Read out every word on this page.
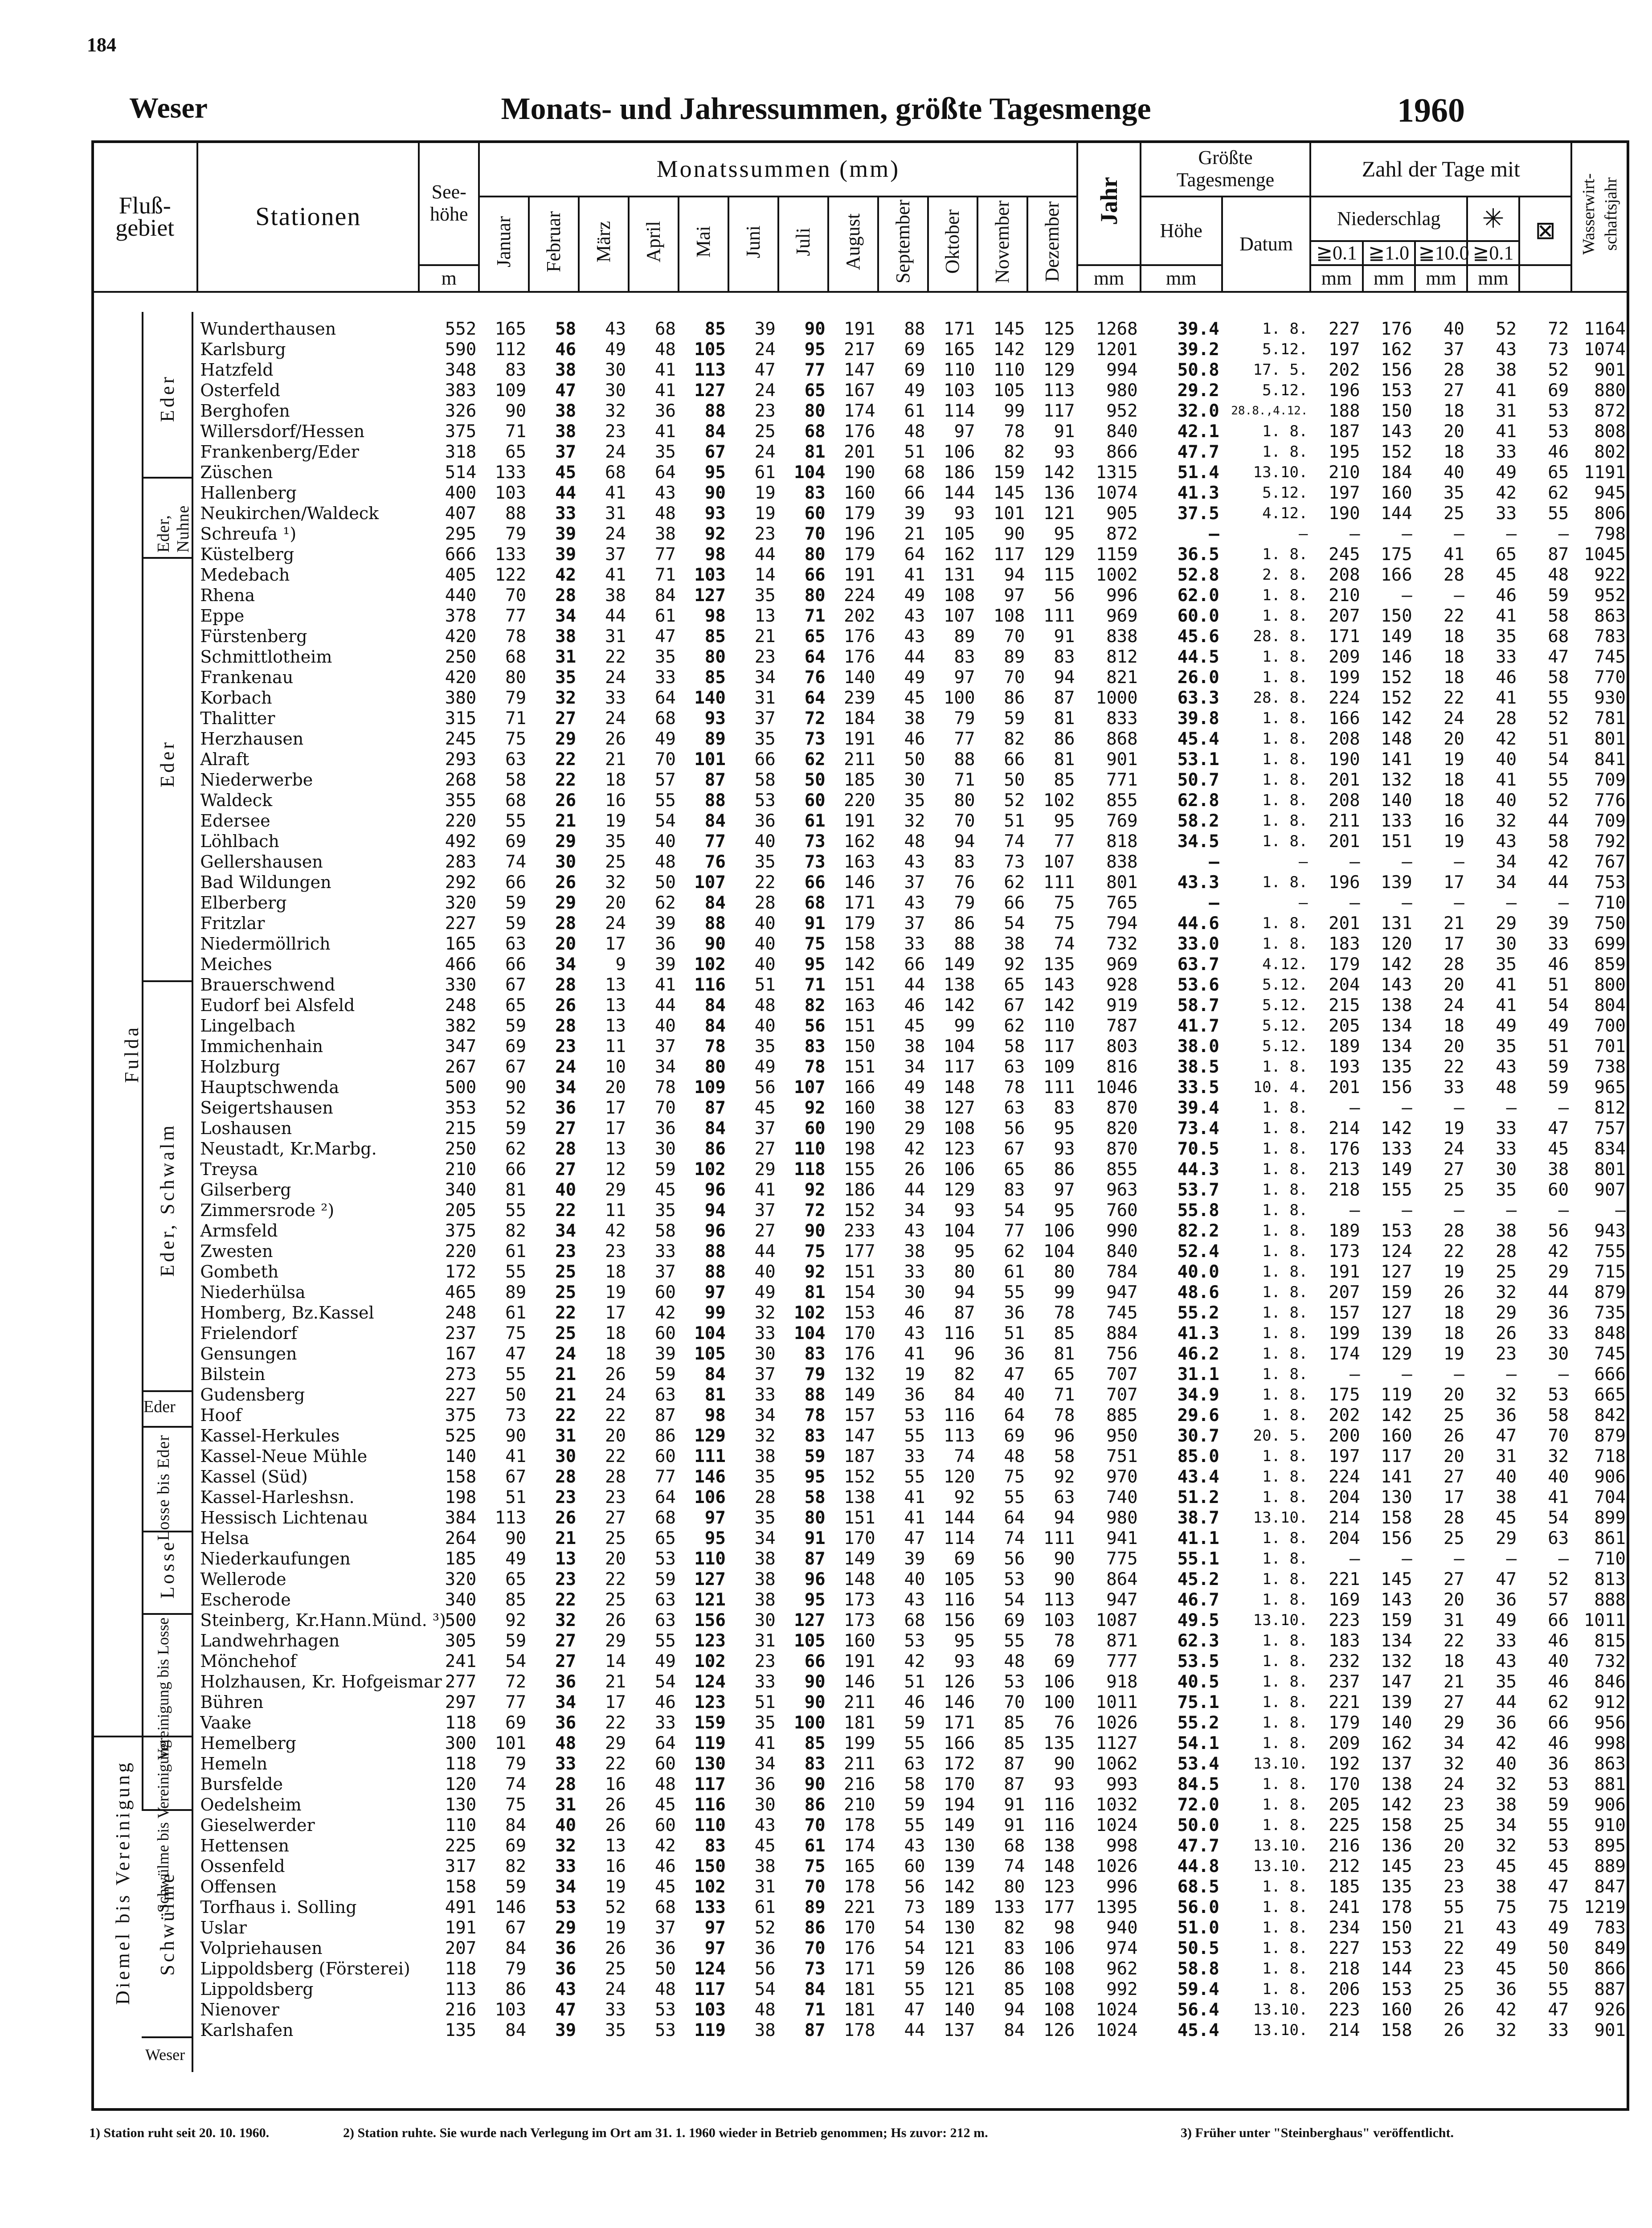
184
Weser	Monats- und Jahressummen, größte Tagesmenge	1960
Fluß-
gebiet	Stationen	See-
höhe	Monatssummen (mm)												Jahr	Größte
Tagesmenge		Zahl der Tage mit					Wasserwirt-
schaftsjahr
			Januar	Februar	März	April	Mai	Juni	Juli	August	September	Oktober	November	Dezember		Höhe	Datum	Niederschlag			✳	⊠	
																		≧0.1	≧1.0	≧10.0	≧0.1		
		m													mm	mm		mm	mm	mm	mm		

	Wunderthausen	552	165	58	43	68	85	39	90	191	88	171	145	125	1268	39.4	1. 8.	227	176	40	52	72	1164
	Karlsburg	590	112	46	49	48	105	24	95	217	69	165	142	129	1201	39.2	5.12.	197	162	37	43	73	1074
	Hatzfeld	348	83	38	30	41	113	47	77	147	69	110	110	129	994	50.8	17. 5.	202	156	28	38	52	901
	Osterfeld	383	109	47	30	41	127	24	65	167	49	103	105	113	980	29.2	5.12.	196	153	27	41	69	880
	Berghofen	326	90	38	32	36	88	23	80	174	61	114	99	117	952	32.0	28.8.,4.12.	188	150	18	31	53	872
	Willersdorf/Hessen	375	71	38	23	41	84	25	68	176	48	97	78	91	840	42.1	1. 8.	187	143	20	41	53	808
	Frankenberg/Eder	318	65	37	24	35	67	24	81	201	51	106	82	93	866	47.7	1. 8.	195	152	18	33	46	802
	Züschen	514	133	45	68	64	95	61	104	190	68	186	159	142	1315	51.4	13.10.	210	184	40	49	65	1191
	Hallenberg	400	103	44	41	43	90	19	83	160	66	144	145	136	1074	41.3	5.12.	197	160	35	42	62	945
	Neukirchen/Waldeck	407	88	33	31	48	93	19	60	179	39	93	101	121	905	37.5	4.12.	190	144	25	33	55	806
	Schreufa ¹)	295	79	39	24	38	92	23	70	196	21	105	90	95	872	—	—	—	—	—	—	—	798
	Küstelberg	666	133	39	37	77	98	44	80	179	64	162	117	129	1159	36.5	1. 8.	245	175	41	65	87	1045
	Medebach	405	122	42	41	71	103	14	66	191	41	131	94	115	1002	52.8	2. 8.	208	166	28	45	48	922
	Rhena	440	70	28	38	84	127	35	80	224	49	108	97	56	996	62.0	1. 8.	210	—	—	46	59	952
	Eppe	378	77	34	44	61	98	13	71	202	43	107	108	111	969	60.0	1. 8.	207	150	22	41	58	863
	Fürstenberg	420	78	38	31	47	85	21	65	176	43	89	70	91	838	45.6	28. 8.	171	149	18	35	68	783
	Schmittlotheim	250	68	31	22	35	80	23	64	176	44	83	89	83	812	44.5	1. 8.	209	146	18	33	47	745
	Frankenau	420	80	35	24	33	85	34	76	140	49	97	70	94	821	26.0	1. 8.	199	152	18	46	58	770
	Korbach	380	79	32	33	64	140	31	64	239	45	100	86	87	1000	63.3	28. 8.	224	152	22	41	55	930
	Thalitter	315	71	27	24	68	93	37	72	184	38	79	59	81	833	39.8	1. 8.	166	142	24	28	52	781
	Herzhausen	245	75	29	26	49	89	35	73	191	46	77	82	86	868	45.4	1. 8.	208	148	20	42	51	801
	Alraft	293	63	22	21	70	101	66	62	211	50	88	66	81	901	53.1	1. 8.	190	141	19	40	54	841
	Niederwerbe	268	58	22	18	57	87	58	50	185	30	71	50	85	771	50.7	1. 8.	201	132	18	41	55	709
	Waldeck	355	68	26	16	55	88	53	60	220	35	80	52	102	855	62.8	1. 8.	208	140	18	40	52	776
	Edersee	220	55	21	19	54	84	36	61	191	32	70	51	95	769	58.2	1. 8.	211	133	16	32	44	709
	Löhlbach	492	69	29	35	40	77	40	73	162	48	94	74	77	818	34.5	1. 8.	201	151	19	43	58	792
	Gellershausen	283	74	30	25	48	76	35	73	163	43	83	73	107	838	—	—	—	—	—	34	42	767
	Bad Wildungen	292	66	26	32	50	107	22	66	146	37	76	62	111	801	43.3	1. 8.	196	139	17	34	44	753
	Elberberg	320	59	29	20	62	84	28	68	171	43	79	66	75	765	—	—	—	—	—	—	—	710
	Fritzlar	227	59	28	24	39	88	40	91	179	37	86	54	75	794	44.6	1. 8.	201	131	21	29	39	750
	Niedermöllrich	165	63	20	17	36	90	40	75	158	33	88	38	74	732	33.0	1. 8.	183	120	17	30	33	699
	Meiches	466	66	34	9	39	102	40	95	142	66	149	92	135	969	63.7	4.12.	179	142	28	35	46	859
	Brauerschwend	330	67	28	13	41	116	51	71	151	44	138	65	143	928	53.6	5.12.	204	143	20	41	51	800
	Eudorf bei Alsfeld	248	65	26	13	44	84	48	82	163	46	142	67	142	919	58.7	5.12.	215	138	24	41	54	804
	Lingelbach	382	59	28	13	40	84	40	56	151	45	99	62	110	787	41.7	5.12.	205	134	18	49	49	700
	Immichenhain	347	69	23	11	37	78	35	83	150	38	104	58	117	803	38.0	5.12.	189	134	20	35	51	701
	Holzburg	267	67	24	10	34	80	49	78	151	34	117	63	109	816	38.5	1. 8.	193	135	22	43	59	738
	Hauptschwenda	500	90	34	20	78	109	56	107	166	49	148	78	111	1046	33.5	10. 4.	201	156	33	48	59	965
	Seigertshausen	353	52	36	17	70	87	45	92	160	38	127	63	83	870	39.4	1. 8.	—	—	—	—	—	812
	Loshausen	215	59	27	17	36	84	37	60	190	29	108	56	95	820	73.4	1. 8.	214	142	19	33	47	757
	Neustadt, Kr.Marbg.	250	62	28	13	30	86	27	110	198	42	123	67	93	870	70.5	1. 8.	176	133	24	33	45	834
	Treysa	210	66	27	12	59	102	29	118	155	26	106	65	86	855	44.3	1. 8.	213	149	27	30	38	801
	Gilserberg	340	81	40	29	45	96	41	92	186	44	129	83	97	963	53.7	1. 8.	218	155	25	35	60	907
	Zimmersrode ²)	205	55	22	11	35	94	37	72	152	34	93	54	95	760	55.8	1. 8.	—	—	—	—	—	—
	Armsfeld	375	82	34	42	58	96	27	90	233	43	104	77	106	990	82.2	1. 8.	189	153	28	38	56	943
	Zwesten	220	61	23	23	33	88	44	75	177	38	95	62	104	840	52.4	1. 8.	173	124	22	28	42	755
	Gombeth	172	55	25	18	37	88	40	92	151	33	80	61	80	784	40.0	1. 8.	191	127	19	25	29	715
	Niederhülsa	465	89	25	19	60	97	49	81	154	30	94	55	99	947	48.6	1. 8.	207	159	26	32	44	879
	Homberg, Bz.Kassel	248	61	22	17	42	99	32	102	153	46	87	36	78	745	55.2	1. 8.	157	127	18	29	36	735
	Frielendorf	237	75	25	18	60	104	33	104	170	43	116	51	85	884	41.3	1. 8.	199	139	18	26	33	848
	Gensungen	167	47	24	18	39	105	30	83	176	41	96	36	81	756	46.2	1. 8.	174	129	19	23	30	745
	Bilstein	273	55	21	26	59	84	37	79	132	19	82	47	65	707	31.1	1. 8.	—	—	—	—	—	666
	Gudensberg	227	50	21	24	63	81	33	88	149	36	84	40	71	707	34.9	1. 8.	175	119	20	32	53	665
	Hoof	375	73	22	22	87	98	34	78	157	53	116	64	78	885	29.6	1. 8.	202	142	25	36	58	842
	Kassel-Herkules	525	90	31	20	86	129	32	83	147	55	113	69	96	950	30.7	20. 5.	200	160	26	47	70	879
	Kassel-Neue Mühle	140	41	30	22	60	111	38	59	187	33	74	48	58	751	85.0	1. 8.	197	117	20	31	32	718
	Kassel (Süd)	158	67	28	28	77	146	35	95	152	55	120	75	92	970	43.4	1. 8.	224	141	27	40	40	906
	Kassel-Harleshsn.	198	51	23	23	64	106	28	58	138	41	92	55	63	740	51.2	1. 8.	204	130	17	38	41	704
	Hessisch Lichtenau	384	113	26	27	68	97	35	80	151	41	144	64	94	980	38.7	13.10.	214	158	28	45	54	899
	Helsa	264	90	21	25	65	95	34	91	170	47	114	74	111	941	41.1	1. 8.	204	156	25	29	63	861
	Niederkaufungen	185	49	13	20	53	110	38	87	149	39	69	56	90	775	55.1	1. 8.	—	—	—	—	—	710
	Wellerode	320	65	23	22	59	127	38	96	148	40	105	53	90	864	45.2	1. 8.	221	145	27	47	52	813
	Escherode	340	85	22	25	63	121	38	95	173	43	116	54	113	947	46.7	1. 8.	169	143	20	36	57	888
	Steinberg, Kr.Hann.Münd. ³)	500	92	32	26	63	156	30	127	173	68	156	69	103	1087	49.5	13.10.	223	159	31	49	66	1011
	Landwehrhagen	305	59	27	29	55	123	31	105	160	53	95	55	78	871	62.3	1. 8.	183	134	22	33	46	815
	Mönchehof	241	54	27	14	49	102	23	66	191	42	93	48	69	777	53.5	1. 8.	232	132	18	43	40	732
	Holzhausen, Kr. Hofgeismar	277	72	36	21	54	124	33	90	146	51	126	53	106	918	40.5	1. 8.	237	147	21	35	46	846
	Bühren	297	77	34	17	46	123	51	90	211	46	146	70	100	1011	75.1	1. 8.	221	139	27	44	62	912
	Vaake	118	69	36	22	33	159	35	100	181	59	171	85	76	1026	55.2	1. 8.	179	140	29	36	66	956
	Hemelberg	300	101	48	29	64	119	41	85	199	55	166	85	135	1127	54.1	1. 8.	209	162	34	42	46	998
	Hemeln	118	79	33	22	60	130	34	83	211	63	172	87	90	1062	53.4	13.10.	192	137	32	40	36	863
	Bursfelde	120	74	28	16	48	117	36	90	216	58	170	87	93	993	84.5	1. 8.	170	138	24	32	53	881
	Oedelsheim	130	75	31	26	45	116	30	86	210	59	194	91	116	1032	72.0	1. 8.	205	142	23	38	59	906
	Gieselwerder	110	84	40	26	60	110	43	70	178	55	149	91	116	1024	50.0	1. 8.	225	158	25	34	55	910
	Hettensen	225	69	32	13	42	83	45	61	174	43	130	68	138	998	47.7	13.10.	216	136	20	32	53	895
	Ossenfeld	317	82	33	16	46	150	38	75	165	60	139	74	148	1026	44.8	13.10.	212	145	23	45	45	889
	Offensen	158	59	34	19	45	102	31	70	178	56	142	80	123	996	68.5	1. 8.	185	135	23	38	47	847
	Torfhaus i. Solling	491	146	53	52	68	133	61	89	221	73	189	133	177	1395	56.0	1. 8.	241	178	55	75	75	1219
	Uslar	191	67	29	19	37	97	52	86	170	54	130	82	98	940	51.0	1. 8.	234	150	21	43	49	783
	Volpriehausen	207	84	36	26	36	97	36	70	176	54	121	83	106	974	50.5	1. 8.	227	153	22	49	50	849
	Lippoldsberg (Försterei)	118	79	36	25	50	124	56	73	171	59	126	86	108	962	58.8	1. 8.	218	144	23	45	50	866
	Lippoldsberg	113	86	43	24	48	117	54	84	181	55	121	85	108	992	59.4	1. 8.	206	153	25	36	55	887
	Nienover	216	103	47	33	53	103	48	71	181	47	140	94	108	1024	56.4	13.10.	223	160	26	42	47	926
	Karlshafen	135	84	39	35	53	119	38	87	178	44	137	84	126	1024	45.4	13.10.	214	158	26	32	33	901
Fulda
Eder
Eder, Nuhne
Eder
Eder, Schwalm
Eder
Losse bis Eder
Losse
Vereinigung bis Losse
Diemel bis Vereinigung Schwülme bis Vereinigung
Schwülme
Weser
1) Station ruht seit 20. 10. 1960.	2) Station ruhte. Sie wurde nach Verlegung im Ort am 31. 1. 1960 wieder in Betrieb genommen; Hs zuvor: 212 m.	3) Früher unter "Steinberghaus" veröffentlicht.
